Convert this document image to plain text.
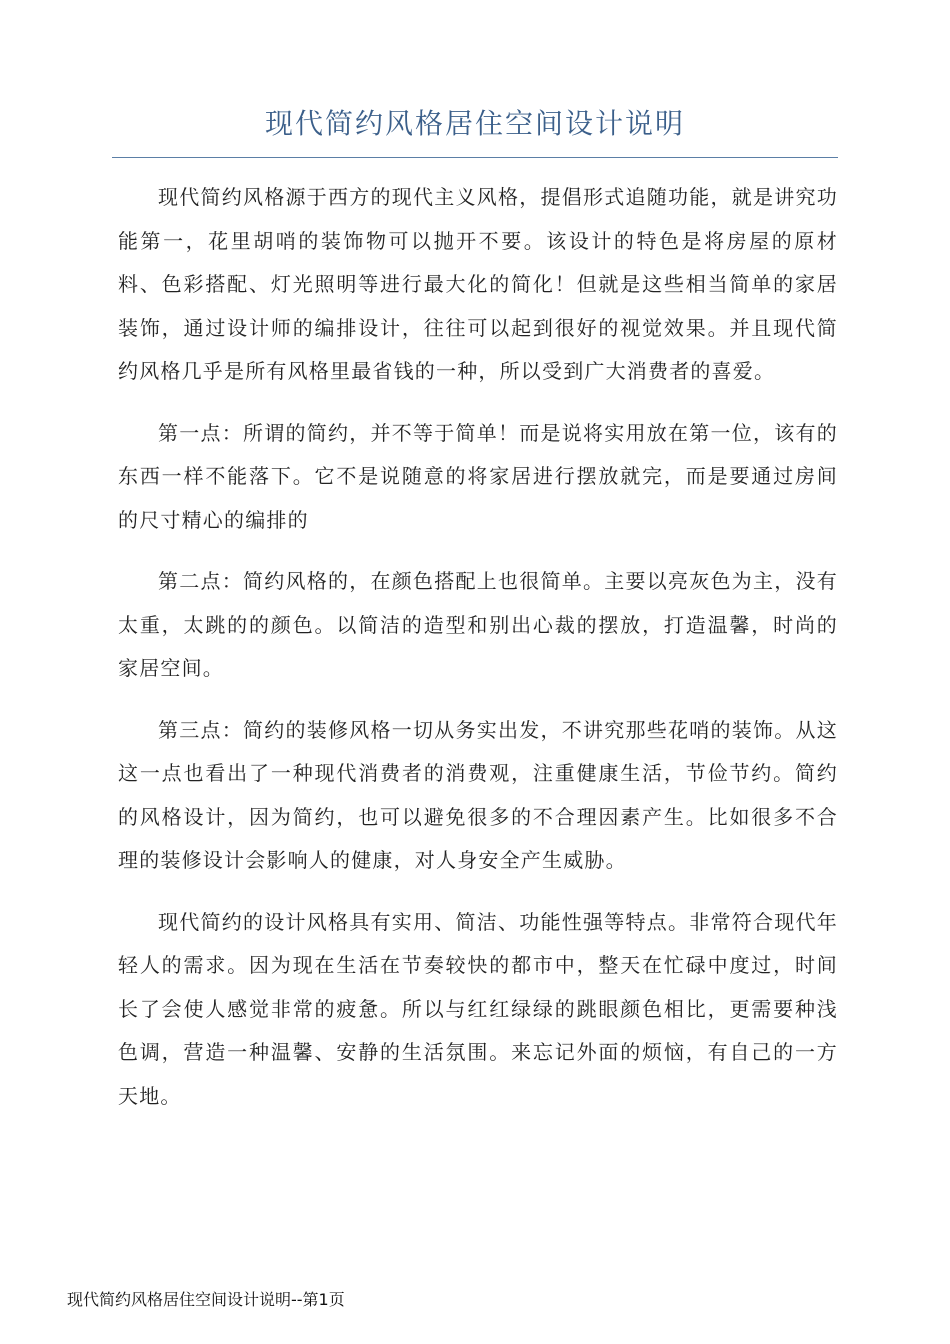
现代简约风格居住空间设计说明

现代简约风格源于西方的现代主义风格，提倡形式追随功能，就是讲究功能第一，花里胡哨的装饰物可以抛开不要。该设计的特色是将房屋的原材料、色彩搭配、灯光照明等进行最大化的简化！但就是这些相当简单的家居装饰，通过设计师的编排设计，往往可以起到很好的视觉效果。并且现代简约风格几乎是所有风格里最省钱的一种，所以受到广大消费者的喜爱。

第一点：所谓的简约，并不等于简单！而是说将实用放在第一位，该有的东西一样不能落下。它不是说随意的将家居进行摆放就完，而是要通过房间的尺寸精心的编排的

第二点：简约风格的，在颜色搭配上也很简单。主要以亮灰色为主，没有太重，太跳的的颜色。以简洁的造型和别出心裁的摆放，打造温馨，时尚的家居空间。

第三点：简约的装修风格一切从务实出发，不讲究那些花哨的装饰。从这这一点也看出了一种现代消费者的消费观，注重健康生活，节俭节约。简约的风格设计，因为简约，也可以避免很多的不合理因素产生。比如很多不合理的装修设计会影响人的健康，对人身安全产生威胁。

现代简约的设计风格具有实用、简洁、功能性强等特点。非常符合现代年轻人的需求。因为现在生活在节奏较快的都市中，整天在忙碌中度过，时间长了会使人感觉非常的疲惫。所以与红红绿绿的跳眼颜色相比，更需要种浅色调，营造一种温馨、安静的生活氛围。来忘记外面的烦恼，有自己的一方天地。

现代简约风格居住空间设计说明--第1页
